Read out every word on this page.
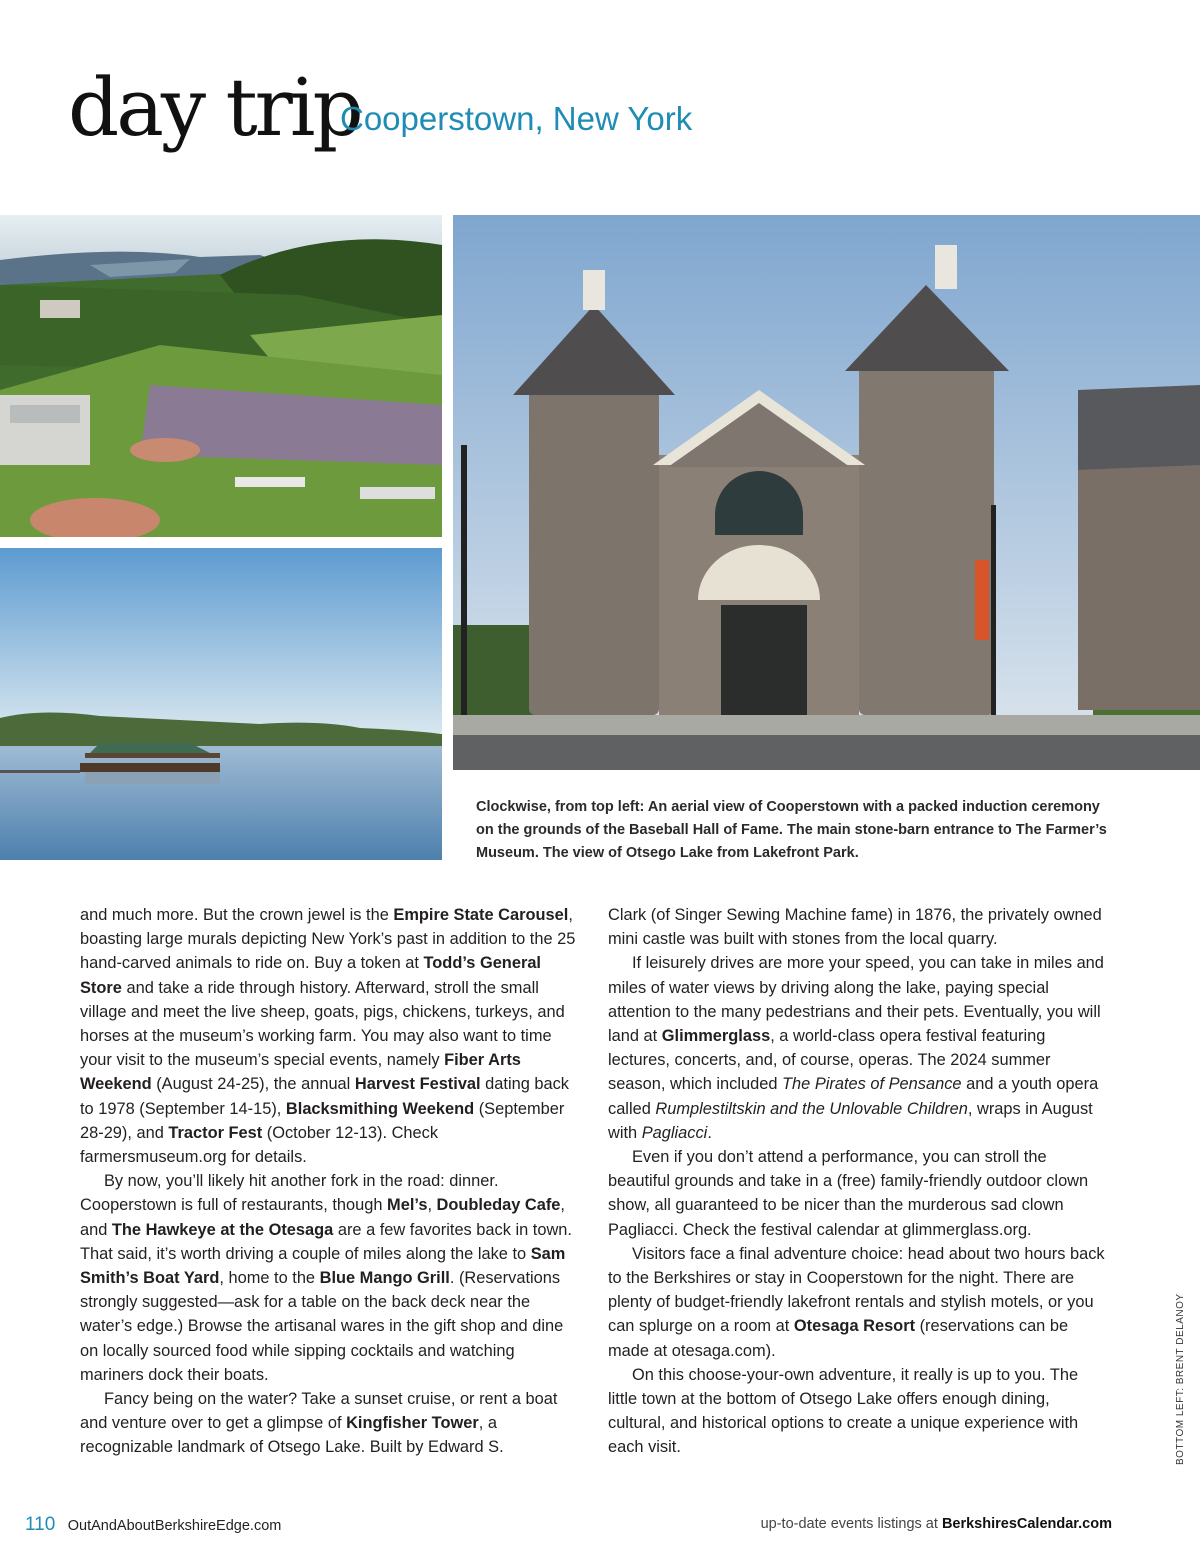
day trip
Cooperstown, New York
Clockwise, from top left: An aerial view of Cooperstown with a packed induction ceremony on the grounds of the Baseball Hall of Fame. The main stone-barn entrance to The Farmer’s Museum. The view of Otsego Lake from Lakefront Park.

and much more. But the crown jewel is the Empire State Carousel, boasting large murals depicting New York’s past in addition to the 25 hand-carved animals to ride on. Buy a token at Todd’s General Store and take a ride through history. Afterward, stroll the small village and meet the live sheep, goats, pigs, chickens, turkeys, and horses at the museum’s working farm. You may also want to time your visit to the museum’s special events, namely Fiber Arts Weekend (August 24-25), the annual Harvest Festival dating back to 1978 (September 14-15), Blacksmithing Weekend (September 28-29), and Tractor Fest (October 12-13). Check farmersmuseum.org for details.

By now, you’ll likely hit another fork in the road: dinner. Cooperstown is full of restaurants, though Mel’s, Doubleday Cafe, and The Hawkeye at the Otesaga are a few favorites back in town. That said, it’s worth driving a couple of miles along the lake to Sam Smith’s Boat Yard, home to the Blue Mango Grill. (Reservations strongly suggested—ask for a table on the back deck near the water’s edge.) Browse the artisanal wares in the gift shop and dine on locally sourced food while sipping cocktails and watching mariners dock their boats.

Fancy being on the water? Take a sunset cruise, or rent a boat and venture over to get a glimpse of Kingfisher Tower, a recognizable landmark of Otsego Lake. Built by Edward S.

Clark (of Singer Sewing Machine fame) in 1876, the privately owned mini castle was built with stones from the local quarry.

If leisurely drives are more your speed, you can take in miles and miles of water views by driving along the lake, paying special attention to the many pedestrians and their pets. Eventually, you will land at Glimmerglass, a world-class opera festival featuring lectures, concerts, and, of course, operas. The 2024 summer season, which included The Pirates of Pensance and a youth opera called Rumplestiltskin and the Unlovable Children, wraps in August with Pagliacci.

Even if you don’t attend a performance, you can stroll the beautiful grounds and take in a (free) family-friendly outdoor clown show, all guaranteed to be nicer than the murderous sad clown Pagliacci. Check the festival calendar at glimmerglass.org.

Visitors face a final adventure choice: head about two hours back to the Berkshires or stay in Cooperstown for the night. There are plenty of budget-friendly lakefront rentals and stylish motels, or you can splurge on a room at Otesaga Resort (reservations can be made at otesaga.com).

On this choose-your-own adventure, it really is up to you. The little town at the bottom of Otsego Lake offers enough dining, cultural, and historical options to create a unique experience with each visit.	BOTTOM LEFT: BRENT DELANOY
110 OutAndAboutBerkshireEdge.com	up-to-date events listings at BerkshiresCalendar.com
